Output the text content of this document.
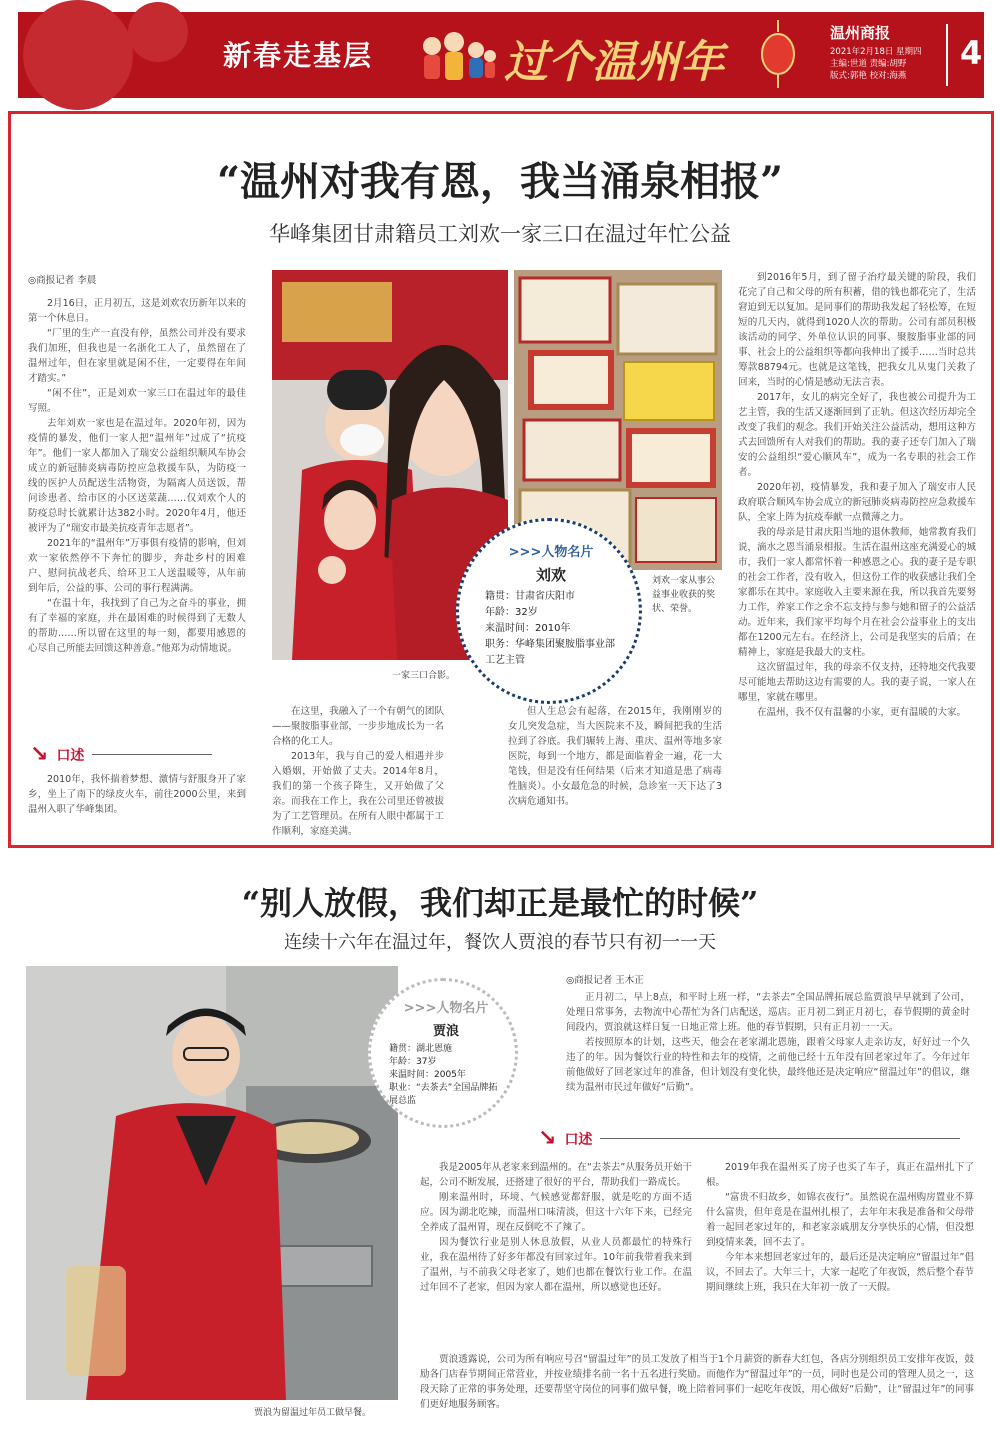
新春走基层	过个温州年
温州商报
2021年2月18日 星期四
主编:世道 责编:胡野
版式:郭艳 校对:海燕
4
“温州对我有恩，我当涌泉相报”
华峰集团甘肃籍员工刘欢一家三口在温过年忙公益
◎商报记者 李晨

2月16日，正月初五，这是刘欢农历新年以来的第一个休息日。

“厂里的生产一直没有停，虽然公司并没有要求我们加班，但我也是一名浙化工人了，虽然留在了温州过年，但在家里就是闲不住，一定要得在年间才踏实。”

“闲不住”，正是刘欢一家三口在温过年的最佳写照。

去年刘欢一家也是在温过年。2020年初，因为疫情的暴发，他们一家人把“温州年”过成了“抗疫年”。他们一家人都加入了瑞安公益组织顺风车协会成立的新冠肺炎病毒防控应急救援车队，为防疫一线的医护人员配送生活物资，为隔离人员送饭，帮问诊患者、给市区的小区送菜蔬……仅刘欢个人的防疫总时长就累计达382小时。2020年4月，他还被评为了“瑞安市最美抗疫青年志愿者”。

2021年的“温州年”万事俱有疫情的影响，但刘欢一家依然停不下奔忙的脚步，奔赴乡村的困难户、慰问抗战老兵、给环卫工人送温暖等，从年前到年后，公益的事、公司的事行程满满。

“在温十年，我找到了自己为之奋斗的事业，拥有了幸福的家庭，并在最困难的时候得到了无数人的帮助……所以留在这里的每一刻，都要用感恩的心尽自己所能去回馈这种善意。”他郑为动情地说。

↘ 口述

2010年，我怀揣着梦想、激情与舒服身开了家乡，坐上了南下的绿皮火车，前往2000公里，来到温州入职了华峰集团。

一家三口合影。
刘欢一家从事公益事业收获的奖状、荣誉。
>>>人物名片
刘欢
籍贯：甘肃省庆阳市
年龄：32岁
来温时间：2010年
职务：华峰集团聚胺脂事业部工艺主管

在这里，我融入了一个有朝气的团队——聚胺脂事业部，一步步地成长为一名合格的化工人。

2013年，我与自己的爱人相遇并步入婚姻，开始做了丈夫。2014年8月，我们的第一个孩子降生，又开始做了父亲。而我在工作上，我在公司里还曾被拔为了工艺管理员。在所有人眼中都属于工作顺利，家庭美满。

但人生总会有起落，在2015年，我刚刚岁的女儿突发急症，当大医院来不及，瞬间把我的生活拉到了谷底。我们辗转上海、重庆、温州等地多家医院，每到一个地方，都是面临着金一遍，花一大笔钱，但是没有任何结果（后来才知道是患了病毒性脑炎）。小女最危急的时候，急诊室一天下达了3次病危通知书。

到2016年5月，到了留子治疗最关键的阶段，我们花完了自己和父母的所有积蓄，借的钱也都花完了，生活窘迫到无以复加。是同事们的帮助我发起了轻松筹，在短短的几天内，就得到1020人次的帮助。公司有部员积极该活动的同学、外单位认识的同事、聚胺脂事业部的同事、社会上的公益组织等都向我伸出了援手……当时总共筹款88794元。也就是这笔钱，把我女儿从鬼门关救了回来，当时的心情是感动无法言表。

2017年，女儿的病完全好了，我也被公司提升为工艺主管，我的生活又逐渐回到了正轨。但这次经历却完全改变了我们的观念。我们开始关注公益活动，想用这种方式去回馈所有人对我们的帮助。我的妻子还专门加入了瑞安的公益组织“爱心顺风车”，成为一名专职的社会工作者。

2020年初，疫情暴发，我和妻子加入了瑞安市人民政府联合顺风车协会成立的新冠肺炎病毒防控应急救援车队，全家上阵为抗疫奉献一点微薄之力。

我的母亲是甘肃庆阳当地的退休教师，她常教育我们说，滴水之恩当涌泉相报。生活在温州这座充满爱心的城市，我们一家人都常怀着一种感恩之心。我的妻子是专职的社会工作者，没有收入，但这份工作的收获感让我们全家都乐在其中。家庭收入主要来源在我，所以我首先要努力工作，养家工作之余不忘支持与参与她和留子的公益活动。近年来，我们家平均每个月在社会公益事业上的支出都在1200元左右。在经济上，公司是我坚实的后盾；在精神上，家庭是我最大的支柱。

这次留温过年，我的母亲不仅支持，还特地交代我要尽可能地去帮助这边有需要的人。我的妻子说，一家人在哪里，家就在哪里。

在温州，我不仅有温馨的小家，更有温暖的大家。

“别人放假，我们却正是最忙的时候”
连续十六年在温过年，餐饮人贾浪的春节只有初一一天
贾浪为留温过年员工做早餐。
>>>人物名片
贾浪
籍贯：湖北恩施
年龄：37岁
来温时间：2005年
职业：“去茶去”全国品牌拓展总监
◎商报记者 王木正

正月初二，早上8点，和平时上班一样，“去茶去”全国品牌拓展总监贾浪早早就到了公司，处理日常事务，去物流中心帮忙为各门店配送，巡店。正月初二到正月初七，春节假期的黄金时间段内，贾浪就这样日复一日地正常上班。他的春节假期，只有正月初一一天。

若按照原本的计划，这些天，他会在老家湖北恩施，跟着父母家人走亲访友，好好过一个久违了的年。因为餐饮行业的特性和去年的疫情，之前他已经十五年没有回老家过年了。今年过年前他做好了回老家过年的准备，但计划没有变化快，最终他还是决定响应“留温过年”的倡议，继续为温州市民过年做好“后勤”。

↘ 口述

我是2005年从老家来到温州的。在“去茶去”从服务员开始干起，公司不断发展，还搭建了很好的平台，帮助我们一路成长。

刚来温州时，环境、气候感觉都舒服，就是吃的方面不适应。因为湖北吃辣，而温州口味清淡，但这十六年下来，已经完全养成了温州胃，现在反倒吃不了辣了。

因为餐饮行业是别人休息放假，从业人员都最忙的特殊行业，我在温州待了好多年都没有回家过年。10年前我带着我来到了温州，与不前我父母老家了，她们也都在餐饮行业工作。在温过年回不了老家，但因为家人都在温州，所以感觉也还好。

2019年我在温州买了房子也买了车子，真正在温州扎下了根。

“富贵不归故乡，如锦衣夜行”。虽然说在温州购房置业不算什么富贵，但年竟是在温州扎根了，去年年末我是准备和父母带着一起回老家过年的，和老家亲戚朋友分享快乐的心情，但没想到疫情来袭，回不去了。

今年本来想回老家过年的，最后还是决定响应“留温过年”倡议，不回去了。大年三十，大家一起吃了年夜饭，然后整个春节期间继续上班，我只在大年初一放了一天假。

贾浪透露说，公司为所有响应号召“留温过年”的员工发放了相当于1个月薪资的新春大红包，各店分别组织员工安排年夜饭，鼓励各门店春节期间正常营业，并按业绩排名前一名十五名进行奖励。而他作为“留温过年”的一员，同时也是公司的管理人员之一，这段天除了正常的事务处理，还要帮坚守岗位的同事们做早餐，晚上陪着同事们一起吃年夜饭，用心做好“后勤”，让“留温过年”的同事们更好地服务顾客。
